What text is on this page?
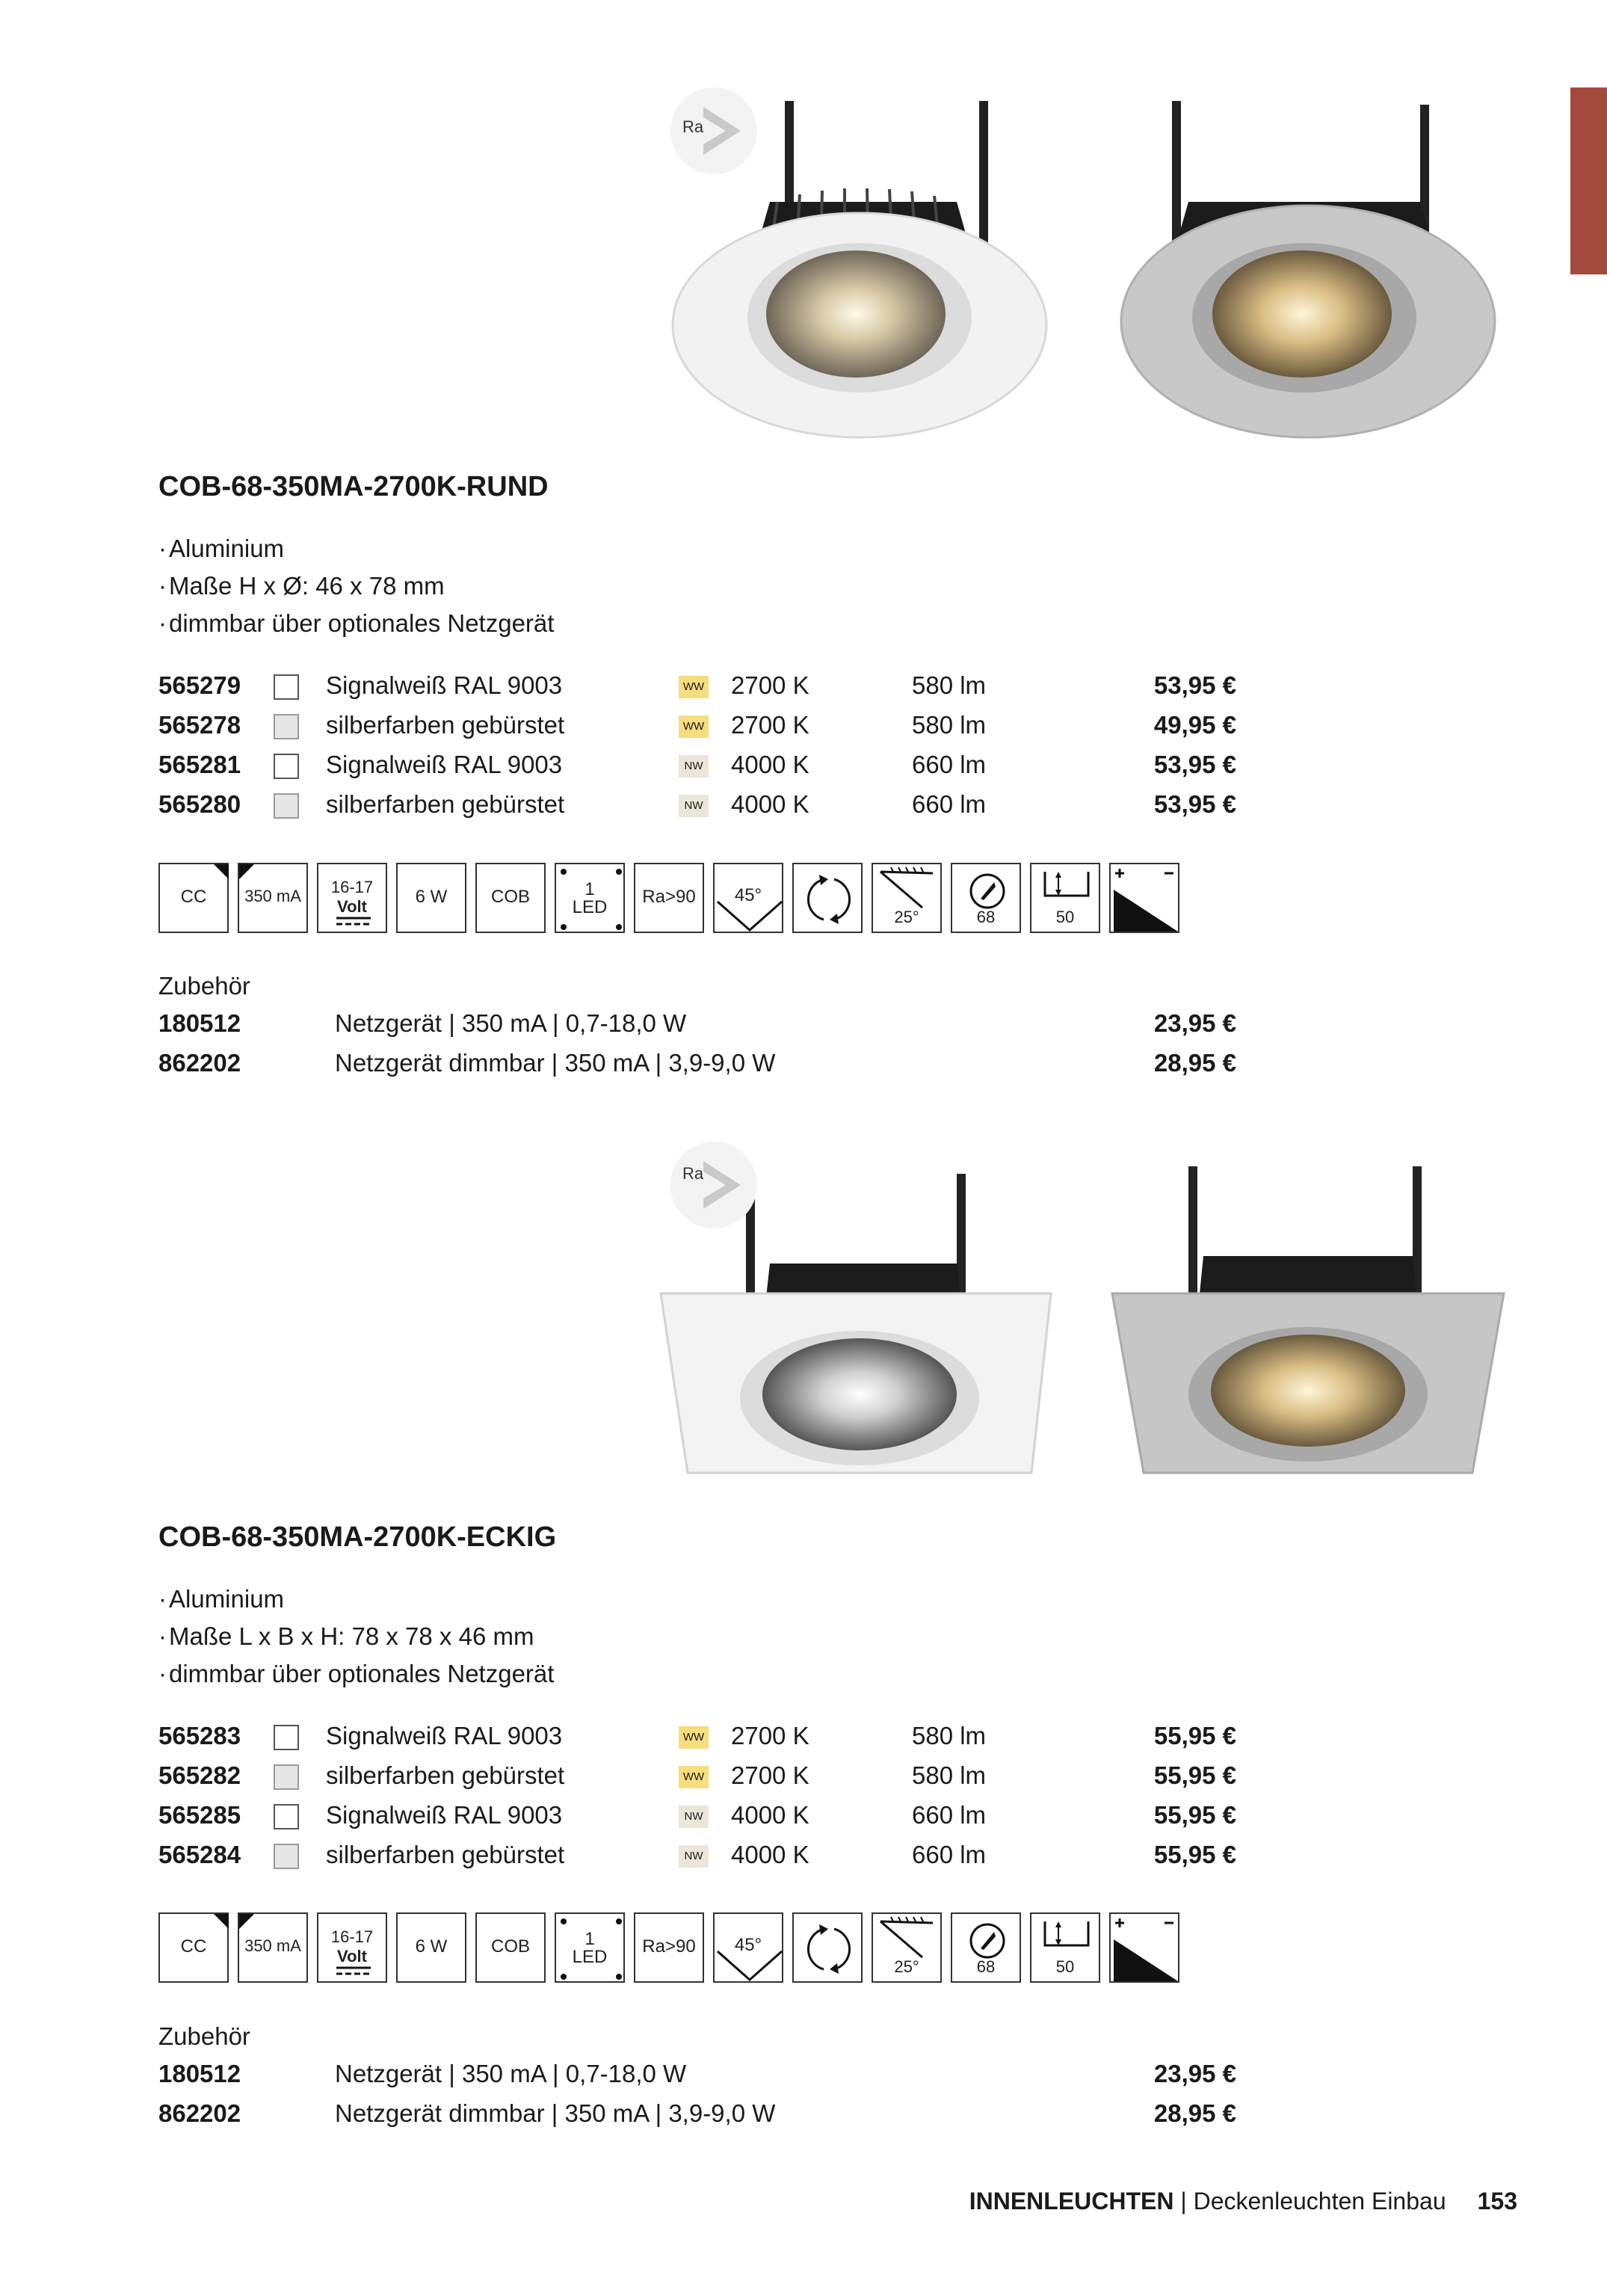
Ra
COB-68-350MA-2700K-RUND
·Aluminium
·Maße H x Ø: 46 x 78 mm
·dimmbar über optionales Netzgerät
565279	Signalweiß RAL 9003	WW 2700 K	580 lm	53,95 €
565278	silberfarben gebürstet	WW 2700 K	580 lm	49,95 €
565281	Signalweiß RAL 9003	NW 4000 K	660 lm	53,95 €
565280	silberfarben gebürstet	NW 4000 K	660 lm	53,95 €
CC	350 mA	16-17
Volt	6 W	COB	1
LED
Ra>90	45°
25°	68	50
Zubehör
180512	Netzgerät | 350 mA | 0,7-18,0 W	23,95 €
862202	Netzgerät dimmbar | 350 mA | 3,9-9,0 W	28,95 €
Ra
COB-68-350MA-2700K-ECKIG
·Aluminium
·Maße L x B x H: 78 x 78 x 46 mm
·dimmbar über optionales Netzgerät
565283	Signalweiß RAL 9003	WW 2700 K	580 lm	55,95 €
565282	silberfarben gebürstet	WW 2700 K	580 lm	55,95 €
565285	Signalweiß RAL 9003	NW 4000 K	660 lm	55,95 €
565284	silberfarben gebürstet	NW 4000 K	660 lm	55,95 €
CC	350 mA	16-17
Volt	6 W	COB	1
LED
Ra>90	45°
25°	68	50
Zubehör
180512	Netzgerät | 350 mA | 0,7-18,0 W	23,95 €
862202	Netzgerät dimmbar | 350 mA | 3,9-9,0 W	28,95 €
INNENLEUCHTEN | Deckenleuchten Einbau 153
